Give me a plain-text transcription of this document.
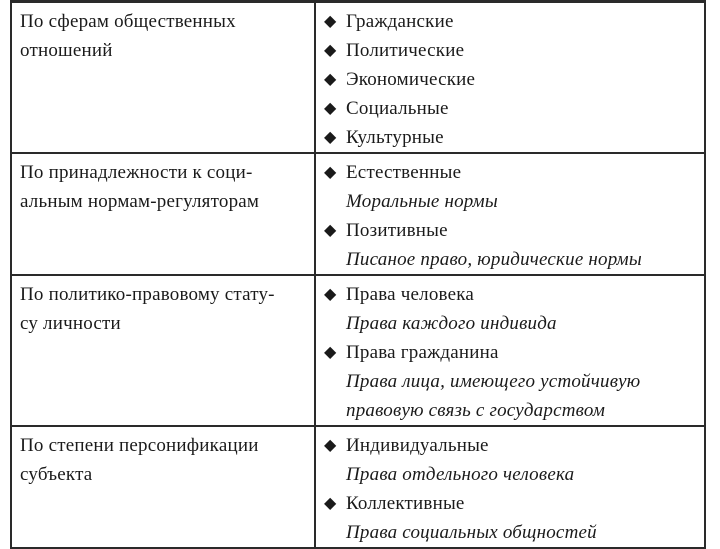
По сферам общественных
отношений	◆ Гражданские
◆ Политические
◆ Экономические
◆ Социальные
◆ Культурные

По принадлежности к соци-
альным нормам-регуляторам	◆ Естественные
Моральные нормы
◆ Позитивные
Писаное право, юридические нормы

По политико-правовому стату-
су личности	◆ Права человека
Права каждого индивида
◆ Права гражданина
Права лица, имеющего устойчивую
правовую связь с государством

По степени персонификации
субъекта	◆ Индивидуальные
Права отдельного человека
◆ Коллективные
Права социальных общностей
